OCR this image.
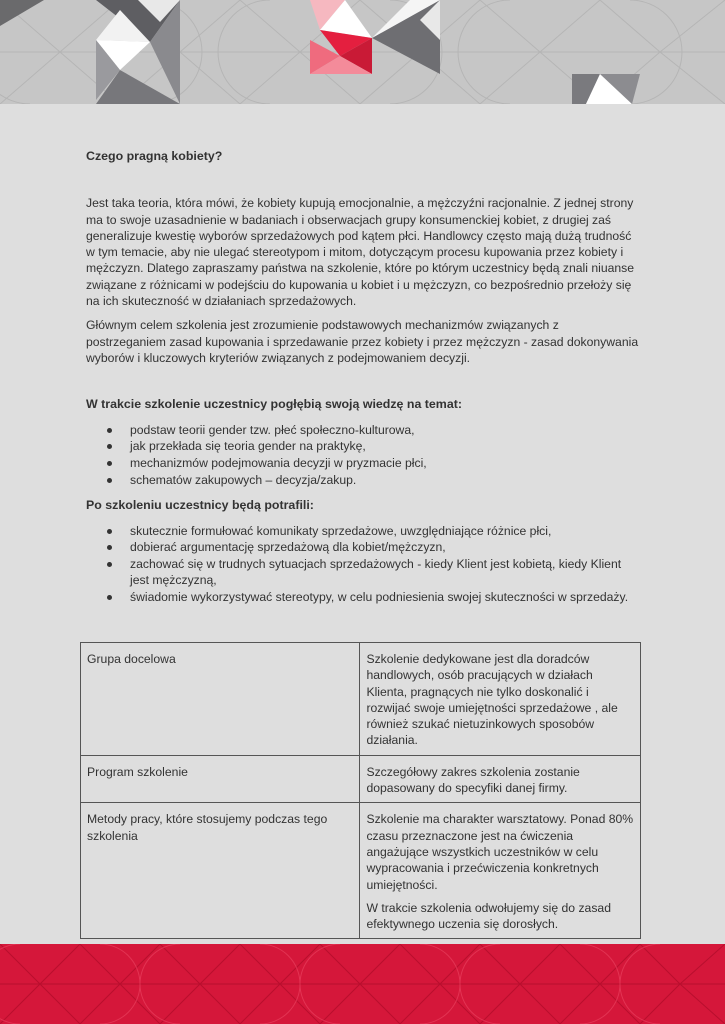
Czego pragną kobiety?

Jest taka teoria, która mówi, że kobiety kupują emocjonalnie, a mężczyźni racjonalnie. Z jednej strony ma to swoje uzasadnienie w badaniach i obserwacjach grupy konsumenckiej kobiet, z drugiej zaś generalizuje kwestię wyborów sprzedażowych pod kątem płci. Handlowcy często mają dużą trudność w tym temacie, aby nie ulegać stereotypom i mitom, dotyczącym procesu kupowania przez kobiety i mężczyzn. Dlatego zapraszamy państwa na szkolenie, które po którym uczestnicy będą znali niuanse związane z różnicami w podejściu do kupowania u kobiet i u mężczyzn, co bezpośrednio przełoży się na ich skuteczność w działaniach sprzedażowych.

Głównym celem szkolenia jest zrozumienie podstawowych mechanizmów związanych z postrzeganiem zasad kupowania i sprzedawanie przez kobiety i przez mężczyzn - zasad dokonywania wyborów i kluczowych kryteriów związanych z podejmowaniem decyzji.

W trakcie szkolenie uczestnicy pogłębią swoją wiedzę na temat:

podstaw teorii gender tzw. płeć społeczno-kulturowa,
jak przekłada się teoria gender na praktykę,
mechanizmów podejmowania decyzji w pryzmacie płci,
schematów zakupowych – decyzja/zakup.

Po szkoleniu uczestnicy będą potrafili:

skutecznie formułować komunikaty sprzedażowe, uwzględniające różnice płci,
dobierać argumentację sprzedażową dla kobiet/mężczyzn,
zachować się w trudnych sytuacjach sprzedażowych - kiedy Klient jest kobietą, kiedy Klient jest mężczyzną,
świadomie wykorzystywać stereotypy, w celu podniesienia swojej skuteczności w sprzedaży.
Grupa docelowa	Szkolenie dedykowane jest dla doradców handlowych, osób pracujących w działach Klienta, pragnących nie tylko doskonalić i rozwijać swoje umiejętności sprzedażowe , ale również szukać nietuzinkowych sposobów działania.

Program szkolenie	Szczegółowy zakres szkolenia zostanie dopasowany do specyfiki danej firmy.

Metody pracy, które stosujemy podczas tego szkolenia	Szkolenie ma charakter warsztatowy. Ponad 80% czasu przeznaczone jest na ćwiczenia angażujące wszystkich uczestników w celu wypracowania i przećwiczenia konkretnych umiejętności.

W trakcie szkolenia odwołujemy się do zasad efektywnego uczenia się dorosłych.
